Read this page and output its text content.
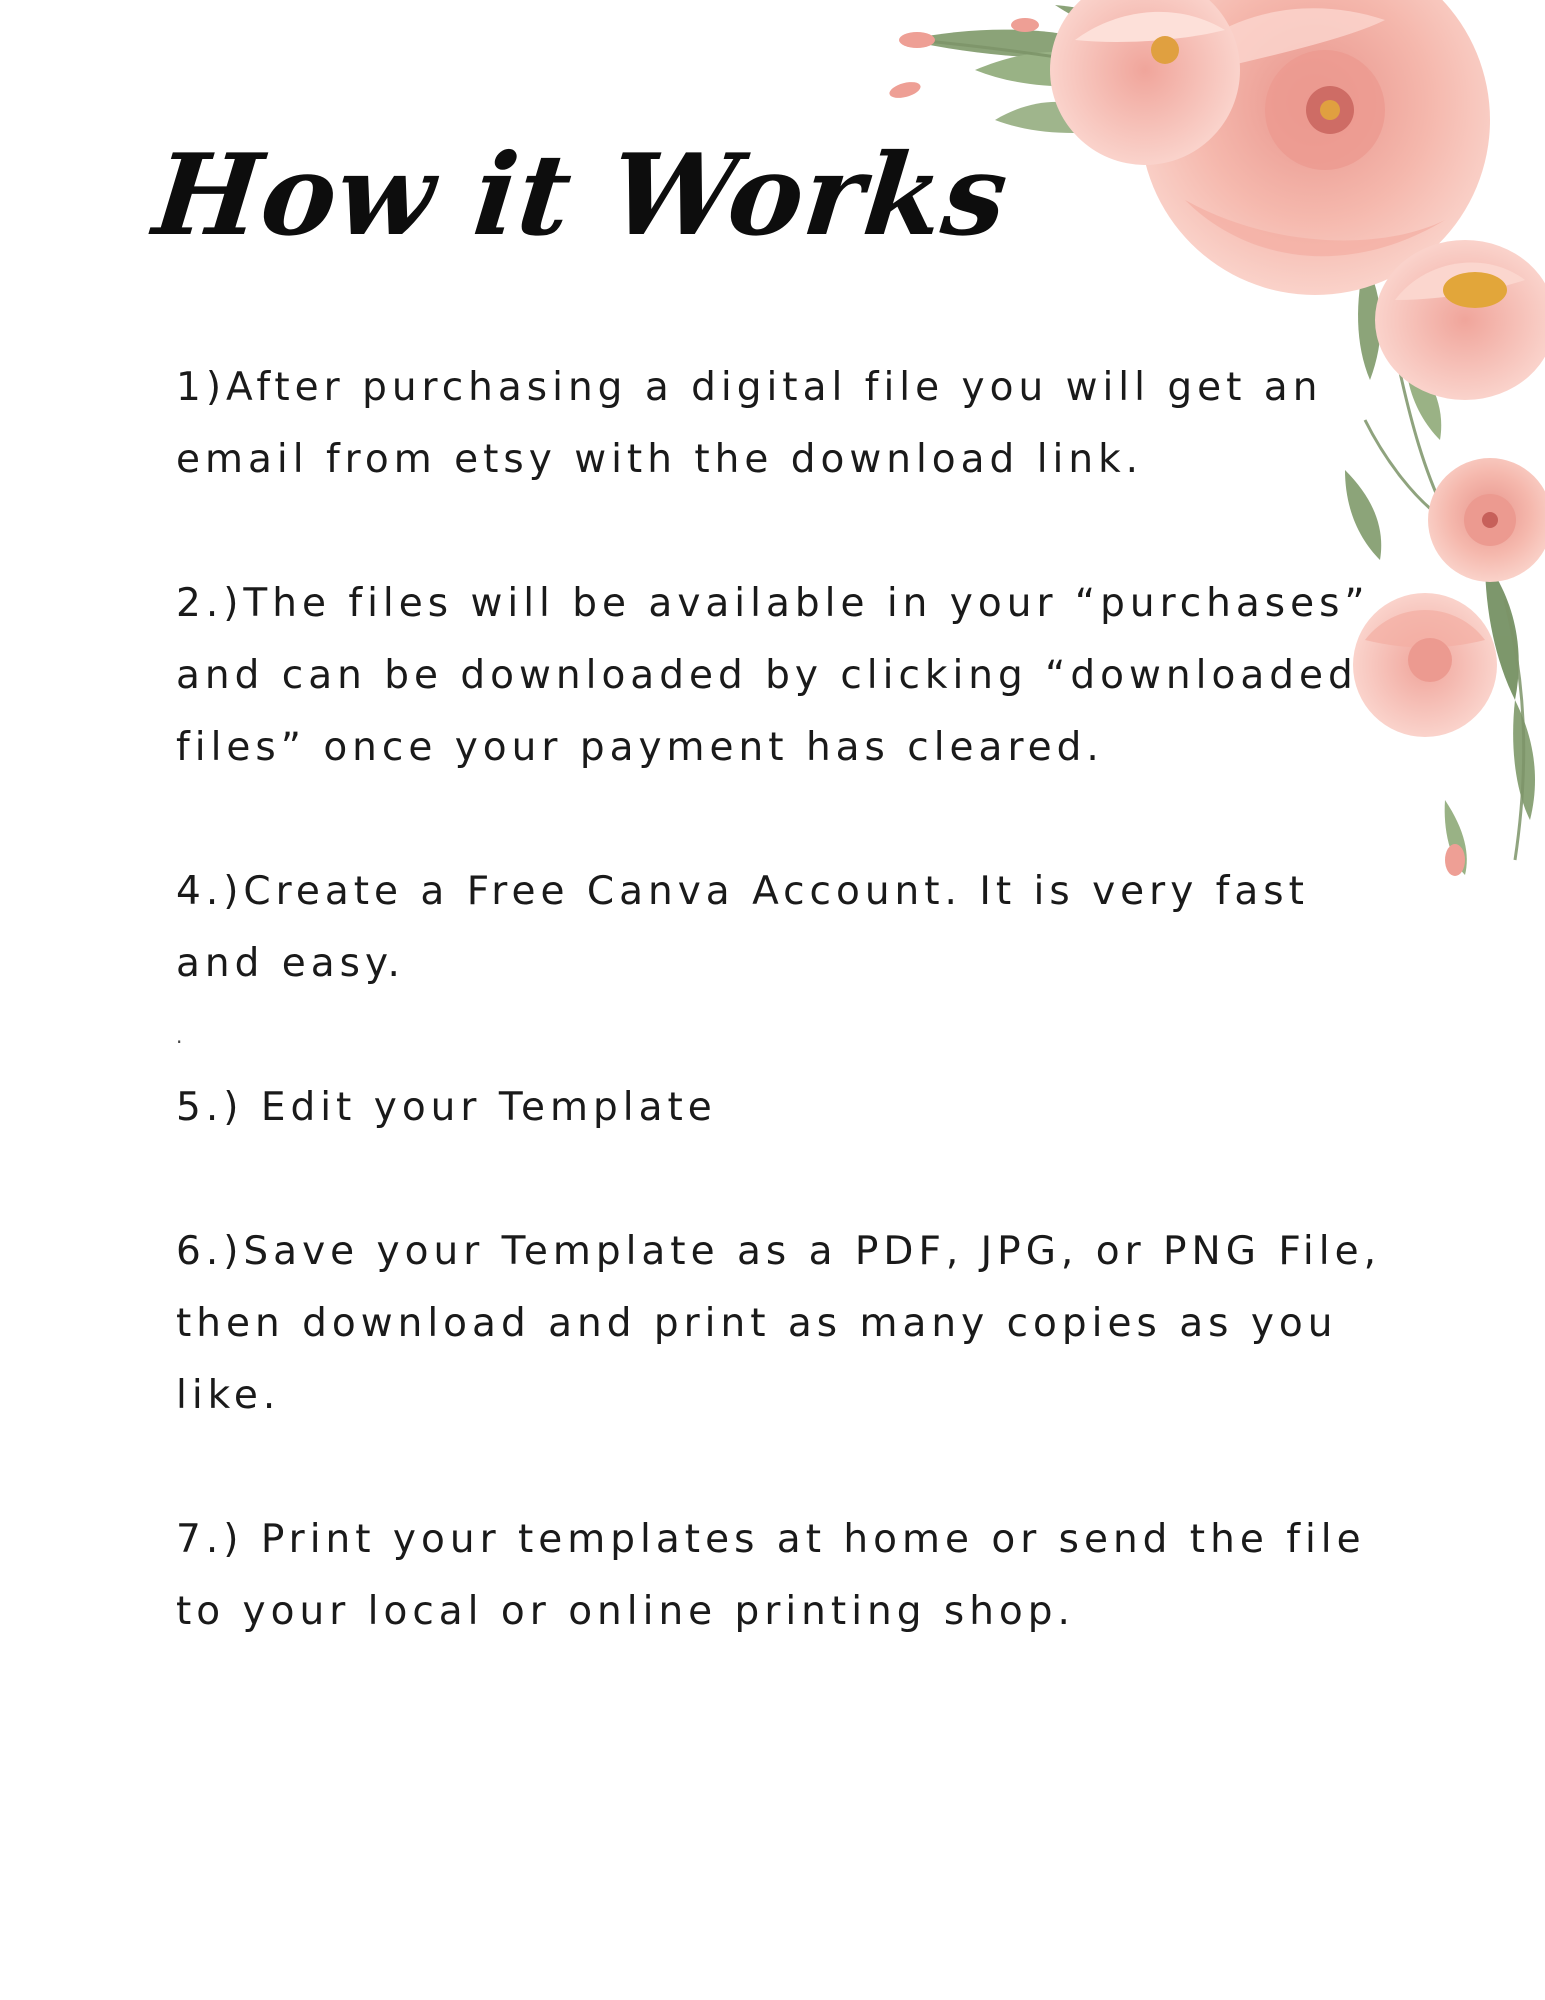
How it Works
1)After purchasing a digital file you will get an email from etsy with the download link.
2.)The files will be available in your “purchases” and can be downloaded by clicking “downloaded files” once your payment has cleared.
4.)Create a Free Canva Account. It is very fast and easy.
.
5.) Edit your Template
6.)Save your Template as a PDF, JPG, or PNG File, then download and print as many copies as you like.
7.) Print your templates at home or send the file to your local or online printing shop.
